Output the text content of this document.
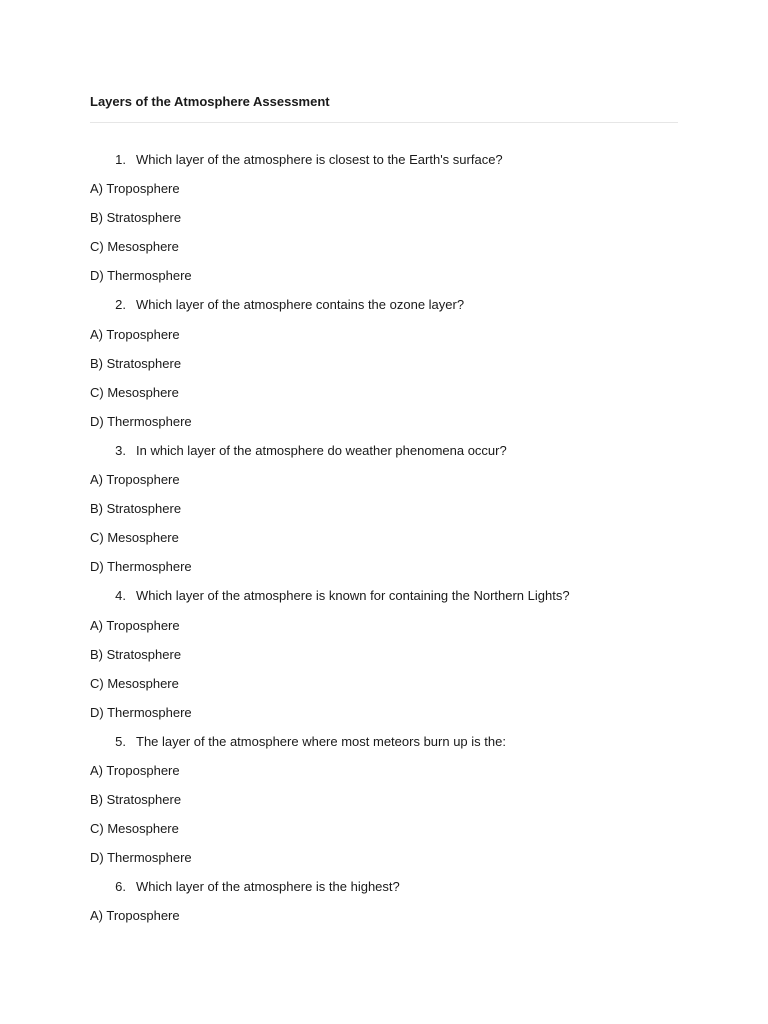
Layers of the Atmosphere Assessment
1. Which layer of the atmosphere is closest to the Earth's surface?
A) Troposphere
B) Stratosphere
C) Mesosphere
D) Thermosphere
2. Which layer of the atmosphere contains the ozone layer?
A) Troposphere
B) Stratosphere
C) Mesosphere
D) Thermosphere
3. In which layer of the atmosphere do weather phenomena occur?
A) Troposphere
B) Stratosphere
C) Mesosphere
D) Thermosphere
4. Which layer of the atmosphere is known for containing the Northern Lights?
A) Troposphere
B) Stratosphere
C) Mesosphere
D) Thermosphere
5. The layer of the atmosphere where most meteors burn up is the:
A) Troposphere
B) Stratosphere
C) Mesosphere
D) Thermosphere
6. Which layer of the atmosphere is the highest?
A) Troposphere
